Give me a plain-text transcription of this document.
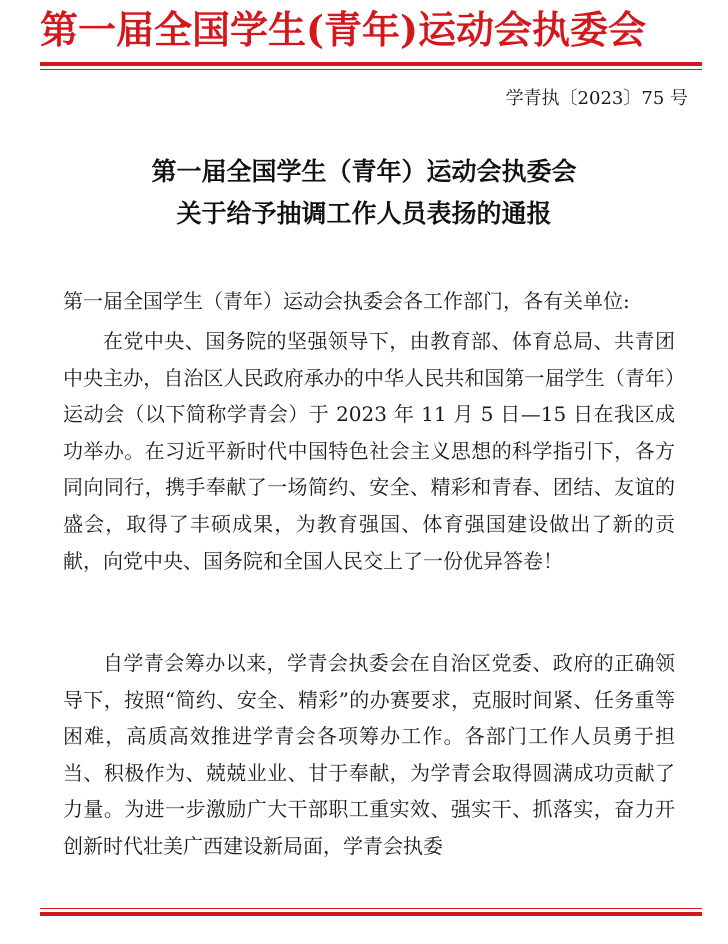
第一届全国学生(青年)运动会执委会
学青执〔2023〕75 号
第一届全国学生（青年）运动会执委会
关于给予抽调工作人员表扬的通报
第一届全国学生（青年）运动会执委会各工作部门，各有关单位:
在党中央、国务院的坚强领导下，由教育部、体育总局、共青团中央主办，自治区人民政府承办的中华人民共和国第一届学生（青年）运动会（以下简称学青会）于 2023 年 11 月 5 日—15 日在我区成功举办。在习近平新时代中国特色社会主义思想的科学指引下，各方同向同行，携手奉献了一场简约、安全、精彩和青春、团结、友谊的盛会，取得了丰硕成果，为教育强国、体育强国建设做出了新的贡献，向党中央、国务院和全国人民交上了一份优异答卷！
自学青会筹办以来，学青会执委会在自治区党委、政府的正确领导下，按照“简约、安全、精彩”的办赛要求，克服时间紧、任务重等困难，高质高效推进学青会各项筹办工作。各部门工作人员勇于担当、积极作为、兢兢业业、甘于奉献，为学青会取得圆满成功贡献了力量。为进一步激励广大干部职工重实效、强实干、抓落实，奋力开创新时代壮美广西建设新局面，学青会执委
